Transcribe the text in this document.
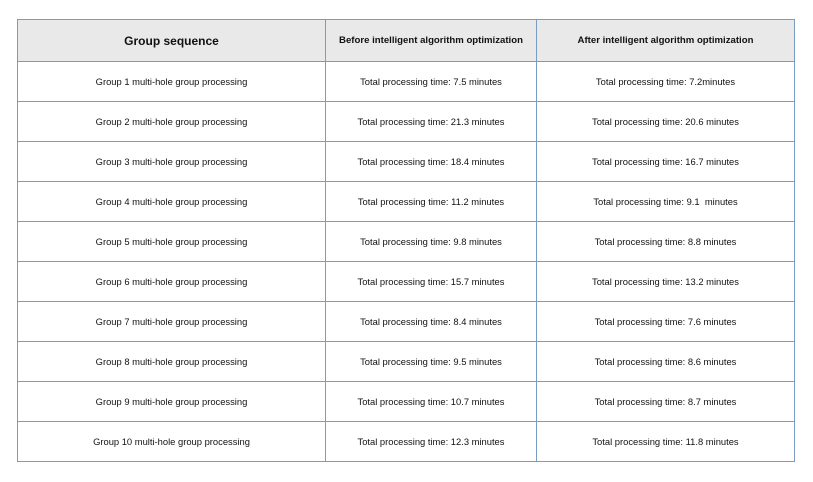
Group sequence	Before intelligent algorithm optimization	After intelligent algorithm optimization
Group 1 multi-hole group processing	Total processing time: 7.5 minutes	Total processing time: 7.2minutes
Group 2 multi-hole group processing	Total processing time: 21.3 minutes	Total processing time: 20.6 minutes
Group 3 multi-hole group processing	Total processing time: 18.4 minutes	Total processing time: 16.7 minutes
Group 4 multi-hole group processing	Total processing time: 11.2 minutes	Total processing time: 9.1  minutes
Group 5 multi-hole group processing	Total processing time: 9.8 minutes	Total processing time: 8.8 minutes
Group 6 multi-hole group processing	Total processing time: 15.7 minutes	Total processing time: 13.2 minutes
Group 7 multi-hole group processing	Total processing time: 8.4 minutes	Total processing time: 7.6 minutes
Group 8 multi-hole group processing	Total processing time: 9.5 minutes	Total processing time: 8.6 minutes
Group 9 multi-hole group processing	Total processing time: 10.7 minutes	Total processing time: 8.7 minutes
Group 10 multi-hole group processing	Total processing time: 12.3 minutes	Total processing time: 11.8 minutes
